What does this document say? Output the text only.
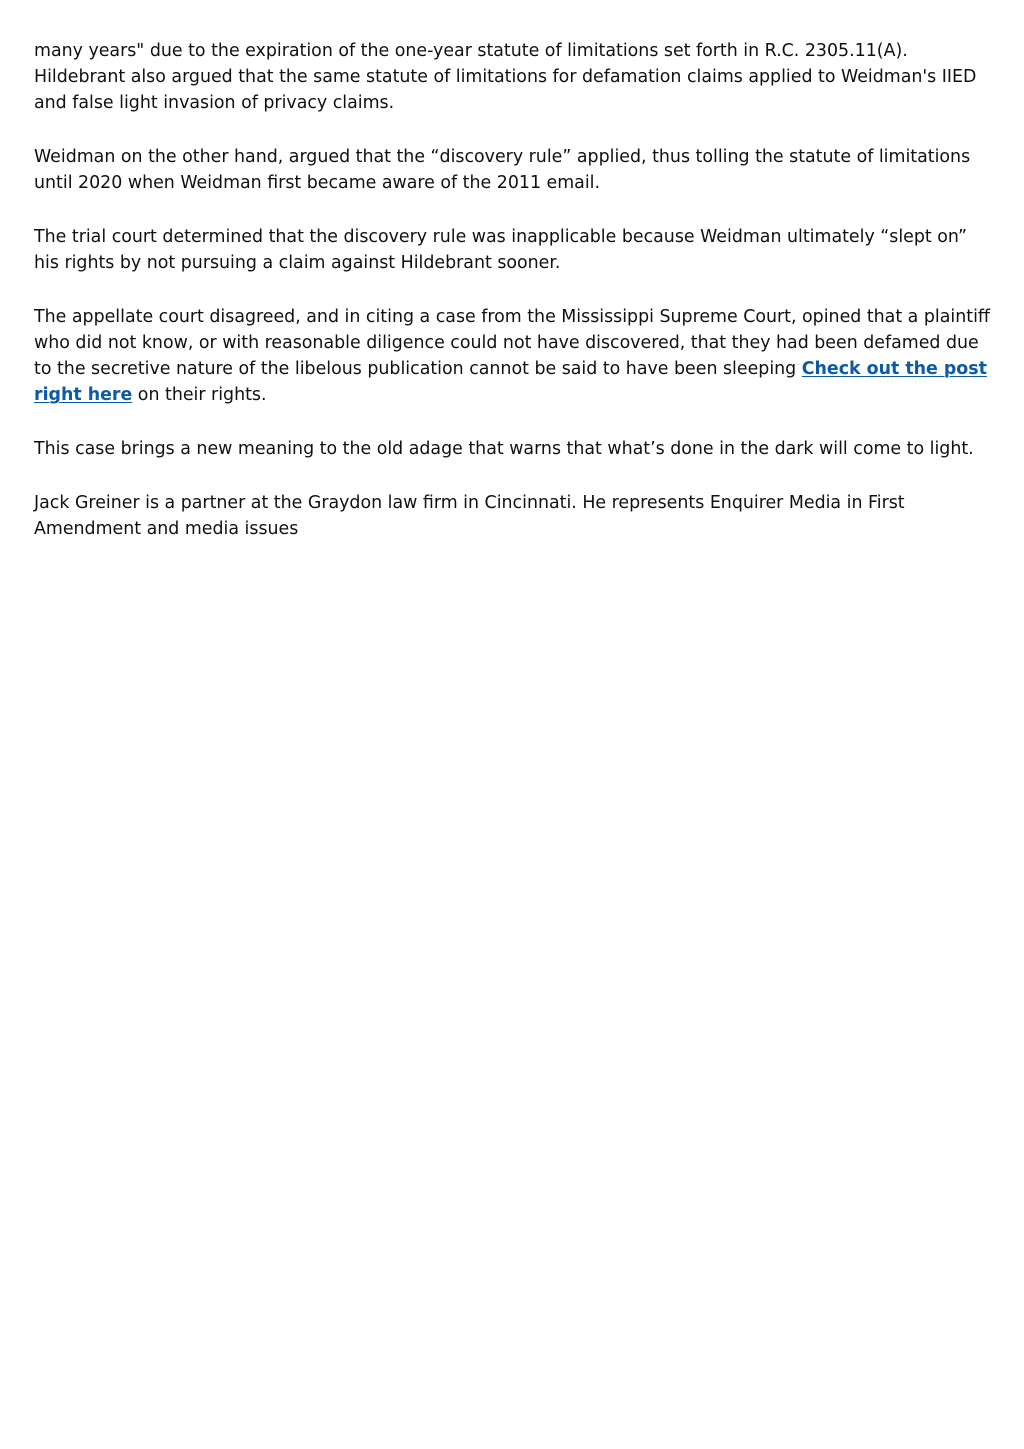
many years" due to the expiration of the one-year statute of limitations set forth in R.C. 2305.11(A). Hildebrant also argued that the same statute of limitations for defamation claims applied to Weidman's IIED and false light invasion of privacy claims.

Weidman on the other hand, argued that the “discovery rule” applied, thus tolling the statute of limitations until 2020 when Weidman first became aware of the 2011 email.

The trial court determined that the discovery rule was inapplicable because Weidman ultimately “slept on” his rights by not pursuing a claim against Hildebrant sooner.

The appellate court disagreed, and in citing a case from the Mississippi Supreme Court, opined that a plaintiff who did not know, or with reasonable diligence could not have discovered, that they had been defamed due to the secretive nature of the libelous publication cannot be said to have been sleeping Check out the post right here on their rights.

This case brings a new meaning to the old adage that warns that what’s done in the dark will come to light.

Jack Greiner is a partner at the Graydon law firm in Cincinnati. He represents Enquirer Media in First Amendment and media issues
